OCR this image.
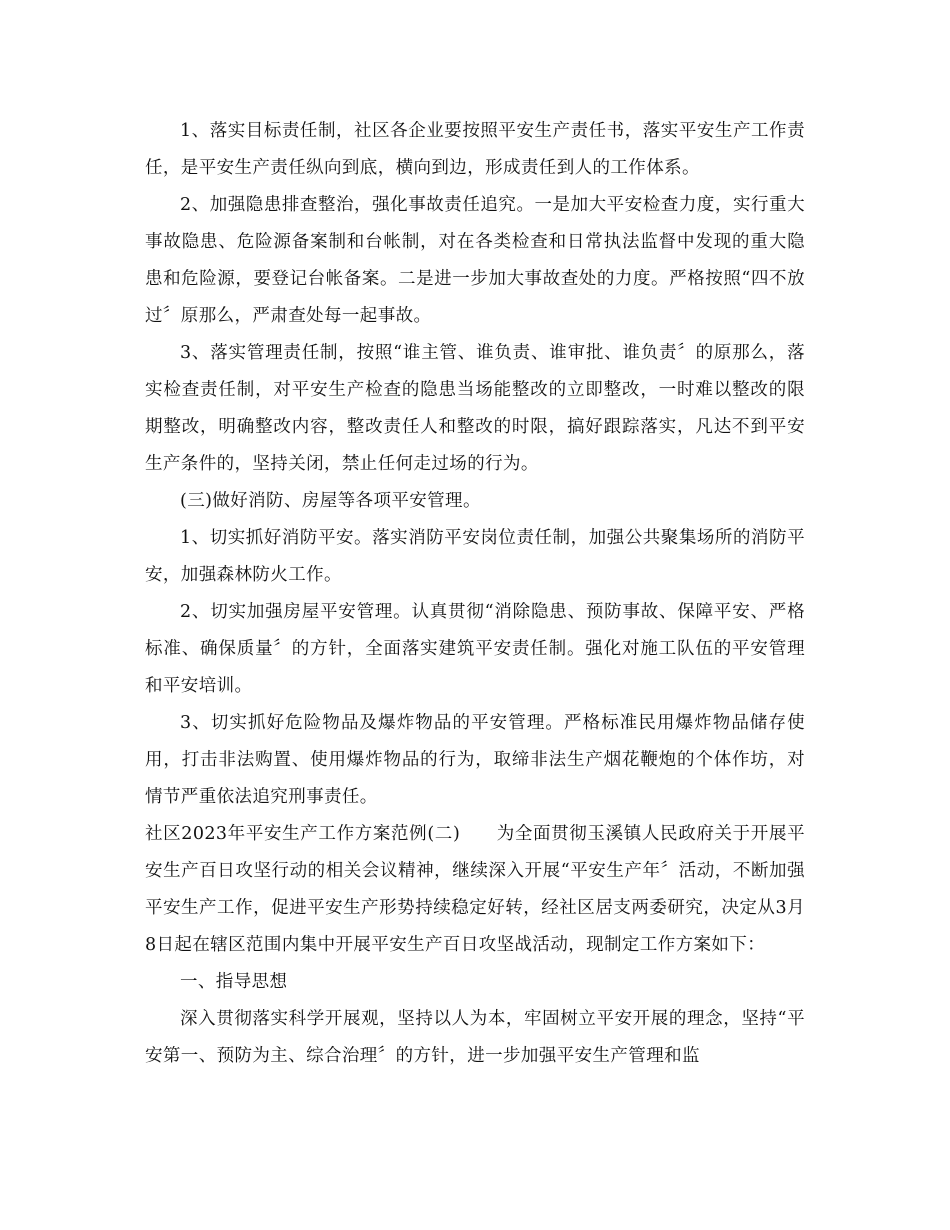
1、落实目标责任制，社区各企业要按照平安生产责任书，落实平安生产工作责任，是平安生产责任纵向到底，横向到边，形成责任到人的工作体系。

2、加强隐患排查整治，强化事故责任追究。一是加大平安检查力度，实行重大事故隐患、危险源备案制和台帐制，对在各类检查和日常执法监督中发现的重大隐患和危险源，要登记台帐备案。二是进一步加大事故查处的力度。严格按照“四不放过〞原那么，严肃查处每一起事故。

3、落实管理责任制，按照“谁主管、谁负责、谁审批、谁负责〞的原那么，落实检查责任制，对平安生产检查的隐患当场能整改的立即整改，一时难以整改的限期整改，明确整改内容，整改责任人和整改的时限，搞好跟踪落实，凡达不到平安生产条件的，坚持关闭，禁止任何走过场的行为。

(三)做好消防、房屋等各项平安管理。

1、切实抓好消防平安。落实消防平安岗位责任制，加强公共聚集场所的消防平安，加强森林防火工作。

2、切实加强房屋平安管理。认真贯彻“消除隐患、预防事故、保障平安、严格标准、确保质量〞的方针，全面落实建筑平安责任制。强化对施工队伍的平安管理和平安培训。

3、切实抓好危险物品及爆炸物品的平安管理。严格标准民用爆炸物品储存使用，打击非法购置、使用爆炸物品的行为，取缔非法生产烟花鞭炮的个体作坊，对情节严重依法追究刑事责任。

社区2023年平安生产工作方案范例(二)　　为全面贯彻玉溪镇人民政府关于开展平安生产百日攻坚行动的相关会议精神，继续深入开展“平安生产年〞活动，不断加强平安生产工作，促进平安生产形势持续稳定好转，经社区居支两委研究，决定从3月8日起在辖区范围内集中开展平安生产百日攻坚战活动，现制定工作方案如下：

一、指导思想

深入贯彻落实科学开展观，坚持以人为本，牢固树立平安开展的理念，坚持“平安第一、预防为主、综合治理〞的方针，进一步加强平安生产管理和监
